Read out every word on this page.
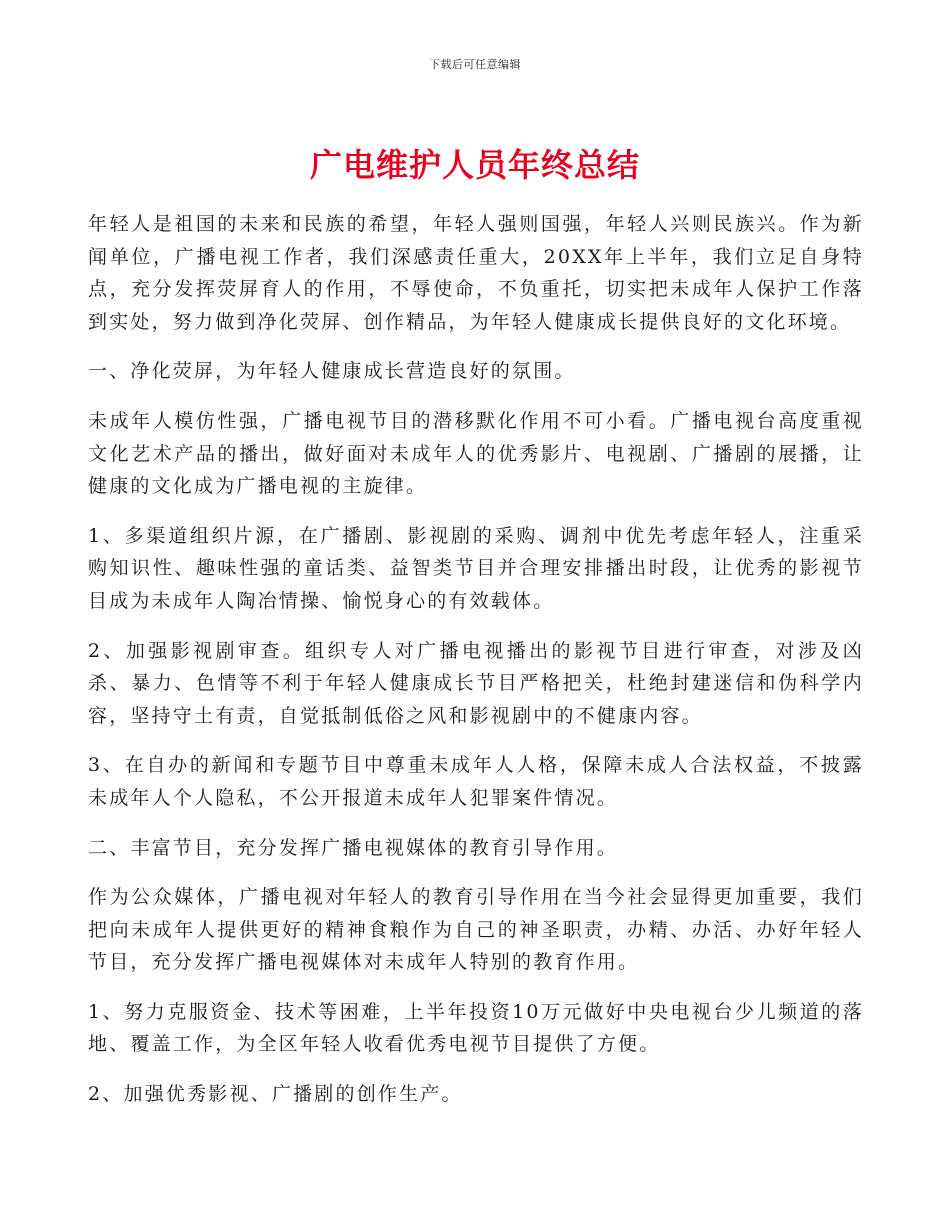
下载后可任意编辑
广电维护人员年终总结

年轻人是祖国的未来和民族的希望，年轻人强则国强，年轻人兴则民族兴。作为新闻单位，广播电视工作者，我们深感责任重大，20XX年上半年，我们立足自身特点，充分发挥荧屏育人的作用，不辱使命，不负重托，切实把未成年人保护工作落到实处，努力做到净化荧屏、创作精品，为年轻人健康成长提供良好的文化环境。

一、净化荧屏，为年轻人健康成长营造良好的氛围。

未成年人模仿性强，广播电视节目的潜移默化作用不可小看。广播电视台高度重视文化艺术产品的播出，做好面对未成年人的优秀影片、电视剧、广播剧的展播，让健康的文化成为广播电视的主旋律。

1、多渠道组织片源，在广播剧、影视剧的采购、调剂中优先考虑年轻人，注重采购知识性、趣味性强的童话类、益智类节目并合理安排播出时段，让优秀的影视节目成为未成年人陶冶情操、愉悦身心的有效载体。

2、加强影视剧审查。组织专人对广播电视播出的影视节目进行审查，对涉及凶杀、暴力、色情等不利于年轻人健康成长节目严格把关，杜绝封建迷信和伪科学内容，坚持守土有责，自觉抵制低俗之风和影视剧中的不健康内容。

3、在自办的新闻和专题节目中尊重未成年人人格，保障未成人合法权益，不披露未成年人个人隐私，不公开报道未成年人犯罪案件情况。

二、丰富节目，充分发挥广播电视媒体的教育引导作用。

作为公众媒体，广播电视对年轻人的教育引导作用在当今社会显得更加重要，我们把向未成年人提供更好的精神食粮作为自己的神圣职责，办精、办活、办好年轻人节目，充分发挥广播电视媒体对未成年人特别的教育作用。

1、努力克服资金、技术等困难，上半年投资10万元做好中央电视台少儿频道的落地、覆盖工作，为全区年轻人收看优秀电视节目提供了方便。

2、加强优秀影视、广播剧的创作生产。
